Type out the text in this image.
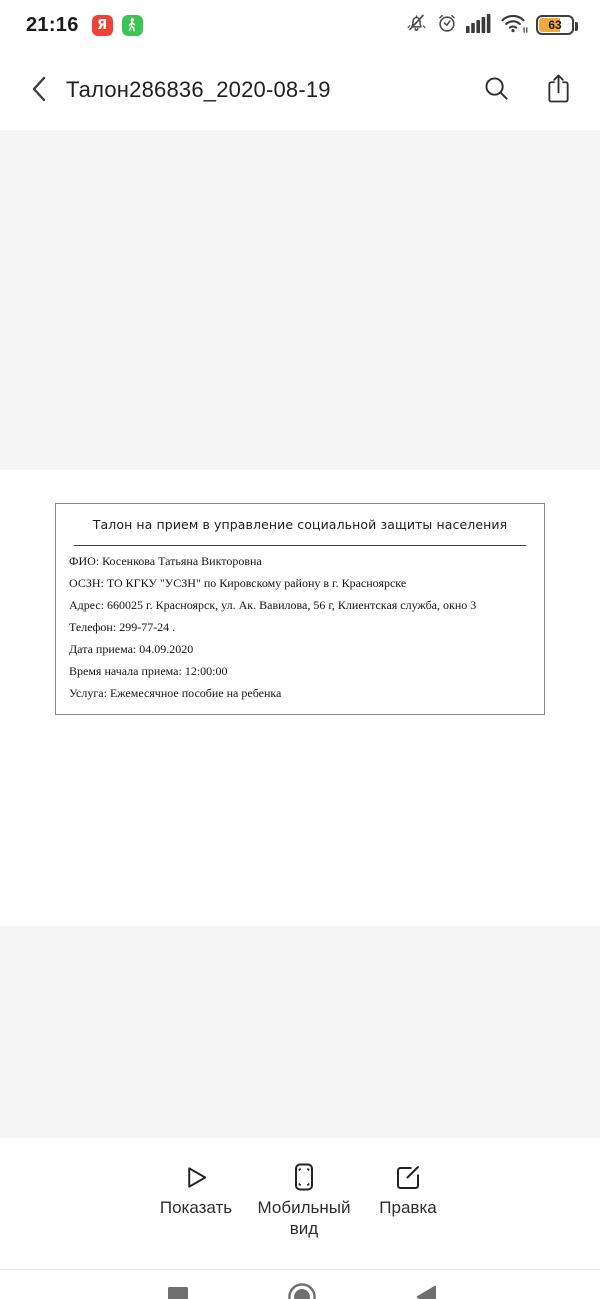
21:16 Я	63
Талон286836_2020-08-19
Талон на прием в управление социальной защиты населения

ФИО: Косенкова Татьяна Викторовна

ОСЗН: ТО КГКУ "УСЗН" по Кировскому району в г. Красноярске

Адрес: 660025 г. Красноярск, ул. Ак. Вавилова, 56 г, Клиентская служба, окно 3

Телефон: 299-77-24 .

Дата приема: 04.09.2020

Время начала приема: 12:00:00

Услуга: Ежемесячное пособие на ребенка

Показать	Мобильный вид
Правка
